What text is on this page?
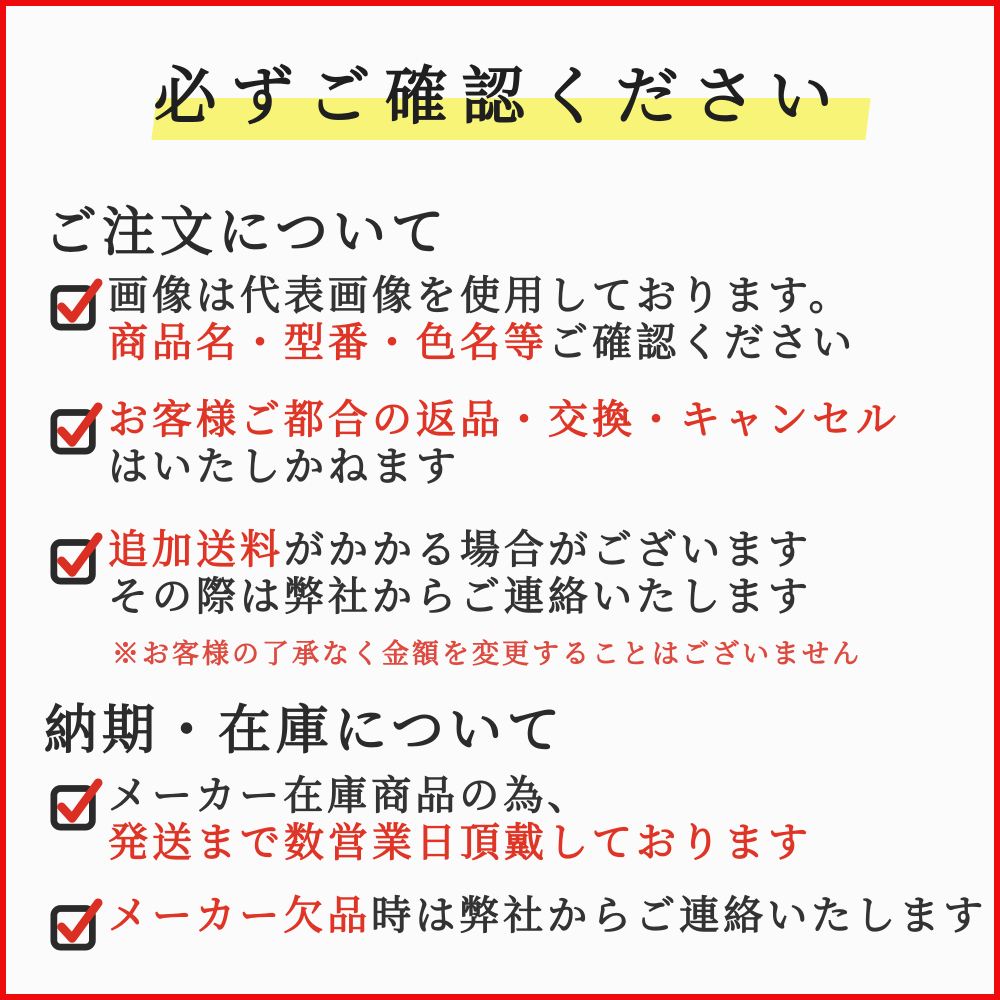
必ずご確認ください
ご注文について
画像は代表画像を使用しております。 商品名・型番・色名等ご確認ください
お客様ご都合の返品・交換・キャンセル はいたしかねます
追加送料がかかる場合がございます その際は弊社からご連絡いたします
※お客様の了承なく金額を変更することはございません
納期・在庫について
メーカー在庫商品の為、 発送まで数営業日頂戴しております
メーカー欠品時は弊社からご連絡いたします
